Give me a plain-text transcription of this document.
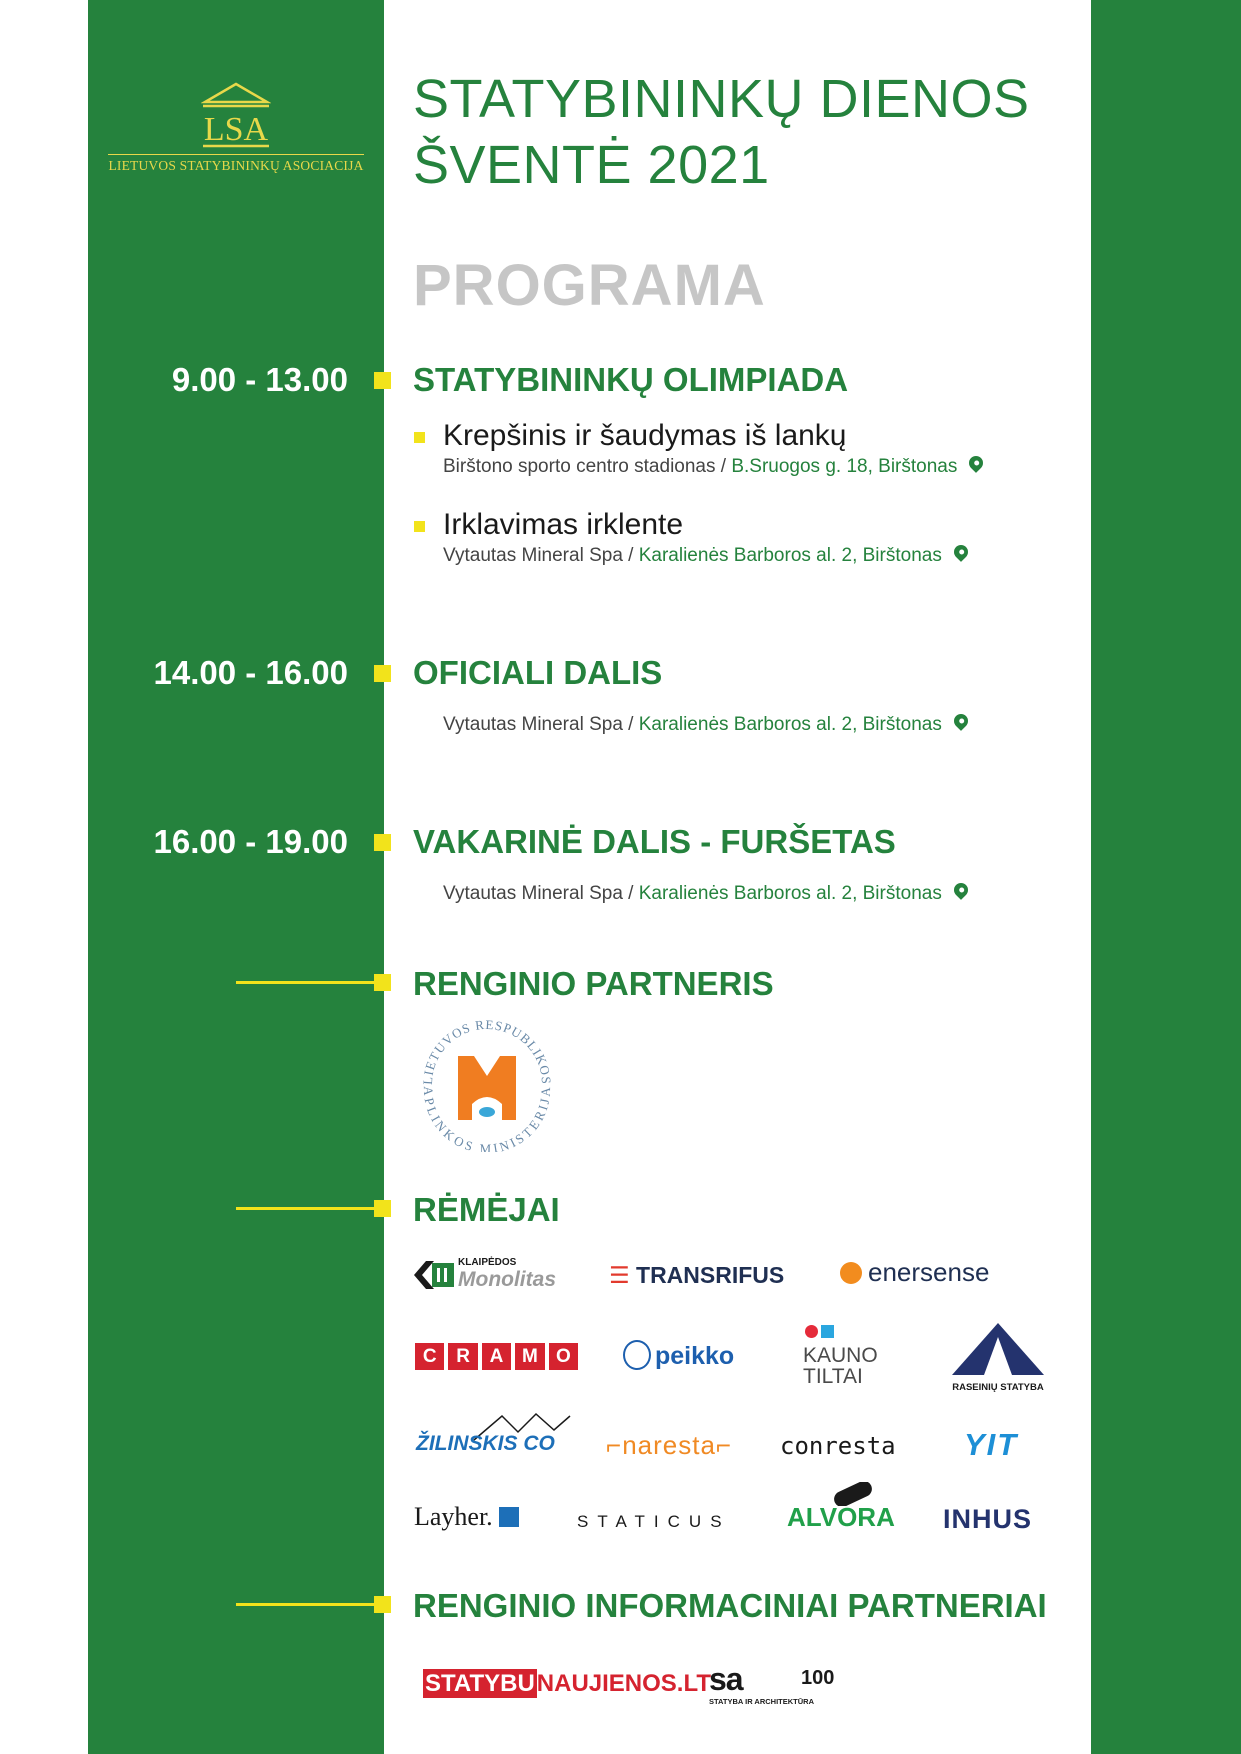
LSA
LIETUVOS STATYBININKŲ ASOCIACIJA
STATYBININKŲ DIENOS
ŠVENTĖ 2021
PROGRAMA
9.00 - 13.00 STATYBININKŲ OLIMPIADA
Krepšinis ir šaudymas iš lankų
Birštono sporto centro stadionas / B.Sruogos g. 18, Birštonas
Irklavimas irklente
Vytautas Mineral Spa / Karalienės Barboros al. 2, Birštonas
14.00 - 16.00 OFICIALI DALIS
Vytautas Mineral Spa / Karalienės Barboros al. 2, Birštonas
16.00 - 19.00 VAKARINĖ DALIS - FURŠETAS
Vytautas Mineral Spa / Karalienės Barboros al. 2, Birštonas
RENGINIO PARTNERIS
LIETUVOS RESPUBLIKOS
APLINKOS MINISTERIJA
RĖMĖJAI
KLAIPĖDOS
Monolitas ☰ TRANSRIFUS	enersense
C	R	A M O	peikko	KAUNO
TILTAI	RASEINIŲ STATYBA
ŽILINSKIS CO ⌐naresta⌐ conresta YIT
Layher.	STATICUS ALVORA INHUS
RENGINIO INFORMACINIAI PARTNERIAI
STATYBUNAUJIENOS.LT
sa	100
STATYBA IR ARCHITEKTŪRA
